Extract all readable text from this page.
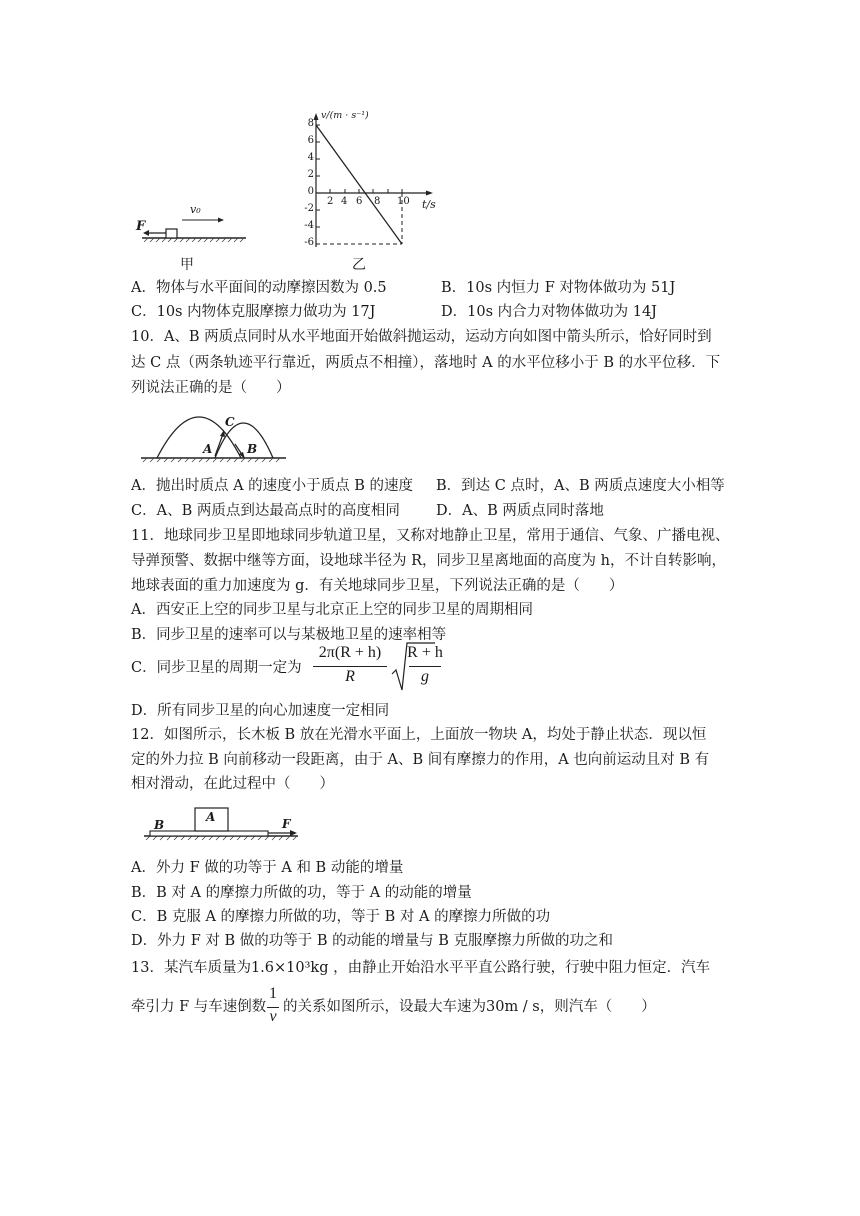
F
v₀
甲
v/(m · s⁻¹)
8
6
4
2
0
-2
-4
-6
2 4 6 8 10 t/s
乙
A．物体与水平面间的动摩擦因数为 0.5	B．10s 内恒力 F 对物体做功为 51J
C．10s 内物体克服摩擦力做功为 17J	D．10s 内合力对物体做功为 14J
10．A、B 两质点同时从水平地面开始做斜抛运动，运动方向如图中箭头所示，恰好同时到
达 C 点（两条轨迹平行靠近，两质点不相撞），落地时 A 的水平位移小于 B 的水平位移．下
列说法正确的是（　　）
C
A	B
A．抛出时质点 A 的速度小于质点 B 的速度 B．到达 C 点时，A、B 两质点速度大小相等
C．A、B 两质点到达最高点时的高度相同 D．A、B 两质点同时落地
11．地球同步卫星即地球同步轨道卫星，又称对地静止卫星，常用于通信、气象、广播电视、
导弹预警、数据中继等方面，设地球半径为 R，同步卫星离地面的高度为 h，不计自转影响，
地球表面的重力加速度为 g．有关地球同步卫星，下列说法正确的是（　　）
A．西安正上空的同步卫星与北京正上空的同步卫星的周期相同
B．同步卫星的速率可以与某极地卫星的速率相等
C．同步卫星的周期一定为
2π(R + h)
R
R + h
g
D．所有同步卫星的向心加速度一定相同
12．如图所示，长木板 B 放在光滑水平面上，上面放一物块 A，均处于静止状态．现以恒
定的外力拉 B 向前移动一段距离，由于 A、B 间有摩擦力的作用，A 也向前运动且对 B 有
相对滑动，在此过程中（　　）
B
A	F
A．外力 F 做的功等于 A 和 B 动能的增量
B．B 对 A 的摩擦力所做的功，等于 A 的动能的增量
C．B 克服 A 的摩擦力所做的功，等于 B 对 A 的摩擦力所做的功
D．外力 F 对 B 做的功等于 B 的动能的增量与 B 克服摩擦力所做的功之和
13．某汽车质量为1.6×10³kg ，由静止开始沿水平平直公路行驶，行驶中阻力恒定．汽车
牵引力 F 与车速倒数
1
v
的关系如图所示，设最大车速为30m / s，则汽车（　　）
